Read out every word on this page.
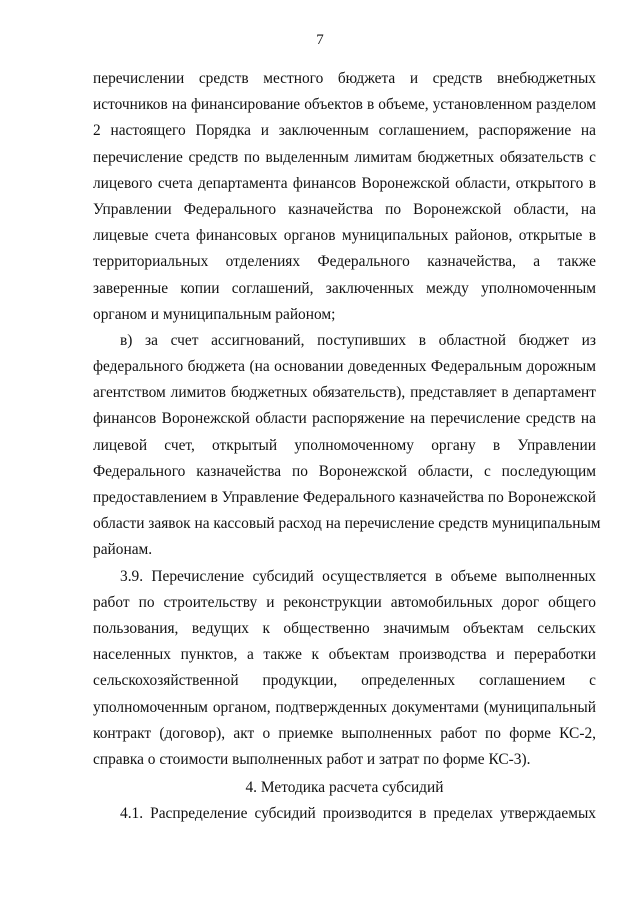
7
перечислении средств местного бюджета и средств внебюджетных
источников на финансирование объектов в объеме, установленном разделом
2 настоящего Порядка и заключенным соглашением, распоряжение на
перечисление средств по выделенным лимитам бюджетных обязательств с
лицевого счета департамента финансов Воронежской области, открытого в
Управлении Федерального казначейства по Воронежской области, на
лицевые счета финансовых органов муниципальных районов, открытые в
территориальных отделениях Федерального казначейства, а также
заверенные копии соглашений, заключенных между уполномоченным
органом и муниципальным районом;
в) за счет ассигнований, поступивших в областной бюджет из
федерального бюджета (на основании доведенных Федеральным дорожным
агентством лимитов бюджетных обязательств), представляет в департамент
финансов Воронежской области распоряжение на перечисление средств на
лицевой счет, открытый уполномоченному органу в Управлении
Федерального казначейства по Воронежской области, с последующим
предоставлением в Управление Федерального казначейства по Воронежской
области заявок на кассовый расход на перечисление средств муниципальным
районам.
3.9. Перечисление субсидий осуществляется в объеме выполненных
работ по строительству и реконструкции автомобильных дорог общего
пользования, ведущих к общественно значимым объектам сельских
населенных пунктов, а также к объектам производства и переработки
сельскохозяйственной продукции, определенных соглашением с
уполномоченным органом, подтвержденных документами (муниципальный
контракт (договор), акт о приемке выполненных работ по форме КС-2,
справка о стоимости выполненных работ и затрат по форме КС-3).
4. Методика расчета субсидий
4.1. Распределение субсидий производится в пределах утверждаемых
